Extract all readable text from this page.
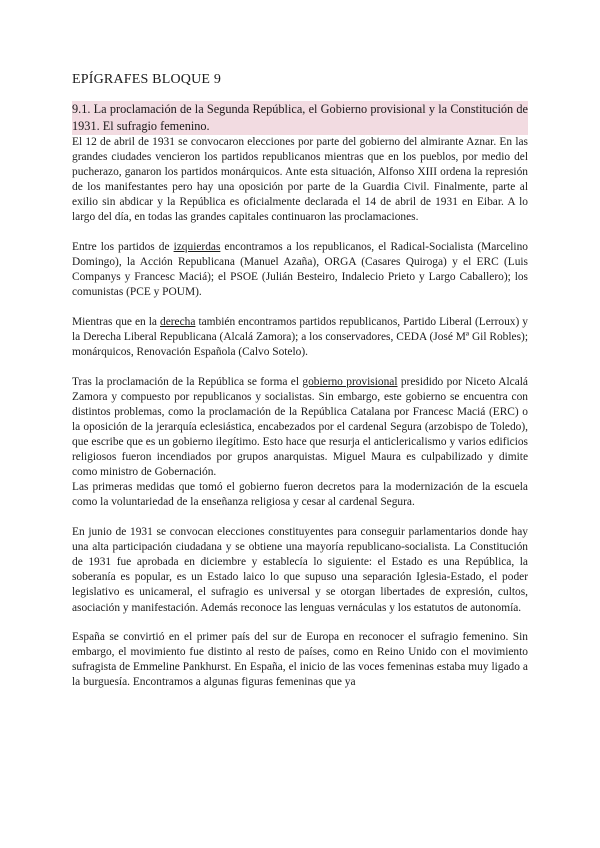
EPÍGRAFES BLOQUE 9

9.1. La proclamación de la Segunda República, el Gobierno provisional y la Constitución de 1931. El sufragio femenino.

El 12 de abril de 1931 se convocaron elecciones por parte del gobierno del almirante Aznar. En las grandes ciudades vencieron los partidos republicanos mientras que en los pueblos, por medio del pucherazo, ganaron los partidos monárquicos. Ante esta situación, Alfonso XIII ordena la represión de los manifestantes pero hay una oposición por parte de la Guardia Civil. Finalmente, parte al exilio sin abdicar y la República es oficialmente declarada el 14 de abril de 1931 en Eibar. A lo largo del día, en todas las grandes capitales continuaron las proclamaciones.

Entre los partidos de izquierdas encontramos a los republicanos, el Radical-Socialista (Marcelino Domingo), la Acción Republicana (Manuel Azaña), ORGA (Casares Quiroga) y el ERC (Luis Companys y Francesc Maciá); el PSOE (Julián Besteiro, Indalecio Prieto y Largo Caballero); los comunistas (PCE y POUM).

Mientras que en la derecha también encontramos partidos republicanos, Partido Liberal (Lerroux) y la Derecha Liberal Republicana (Alcalá Zamora); a los conservadores, CEDA (José Mª Gil Robles); monárquicos, Renovación Española (Calvo Sotelo).

Tras la proclamación de la República se forma el gobierno provisional presidido por Niceto Alcalá Zamora y compuesto por republicanos y socialistas. Sin embargo, este gobierno se encuentra con distintos problemas, como la proclamación de la República Catalana por Francesc Maciá (ERC) o la oposición de la jerarquía eclesiástica, encabezados por el cardenal Segura (arzobispo de Toledo), que escribe que es un gobierno ilegítimo. Esto hace que resurja el anticlericalismo y varios edificios religiosos fueron incendiados por grupos anarquistas. Miguel Maura es culpabilizado y dimite como ministro de Gobernación.

Las primeras medidas que tomó el gobierno fueron decretos para la modernización de la escuela como la voluntariedad de la enseñanza religiosa y cesar al cardenal Segura.

En junio de 1931 se convocan elecciones constituyentes para conseguir parlamentarios donde hay una alta participación ciudadana y se obtiene una mayoría republicano-socialista. La Constitución de 1931 fue aprobada en diciembre y establecía lo siguiente: el Estado es una República, la soberanía es popular, es un Estado laico lo que supuso una separación Iglesia-Estado, el poder legislativo es unicameral, el sufragio es universal y se otorgan libertades de expresión, cultos, asociación y manifestación. Además reconoce las lenguas vernáculas y los estatutos de autonomía.

España se convirtió en el primer país del sur de Europa en reconocer el sufragio femenino. Sin embargo, el movimiento fue distinto al resto de países, como en Reino Unido con el movimiento sufragista de Emmeline Pankhurst. En España, el inicio de las voces femeninas estaba muy ligado a la burguesía. Encontramos a algunas figuras femeninas que ya
